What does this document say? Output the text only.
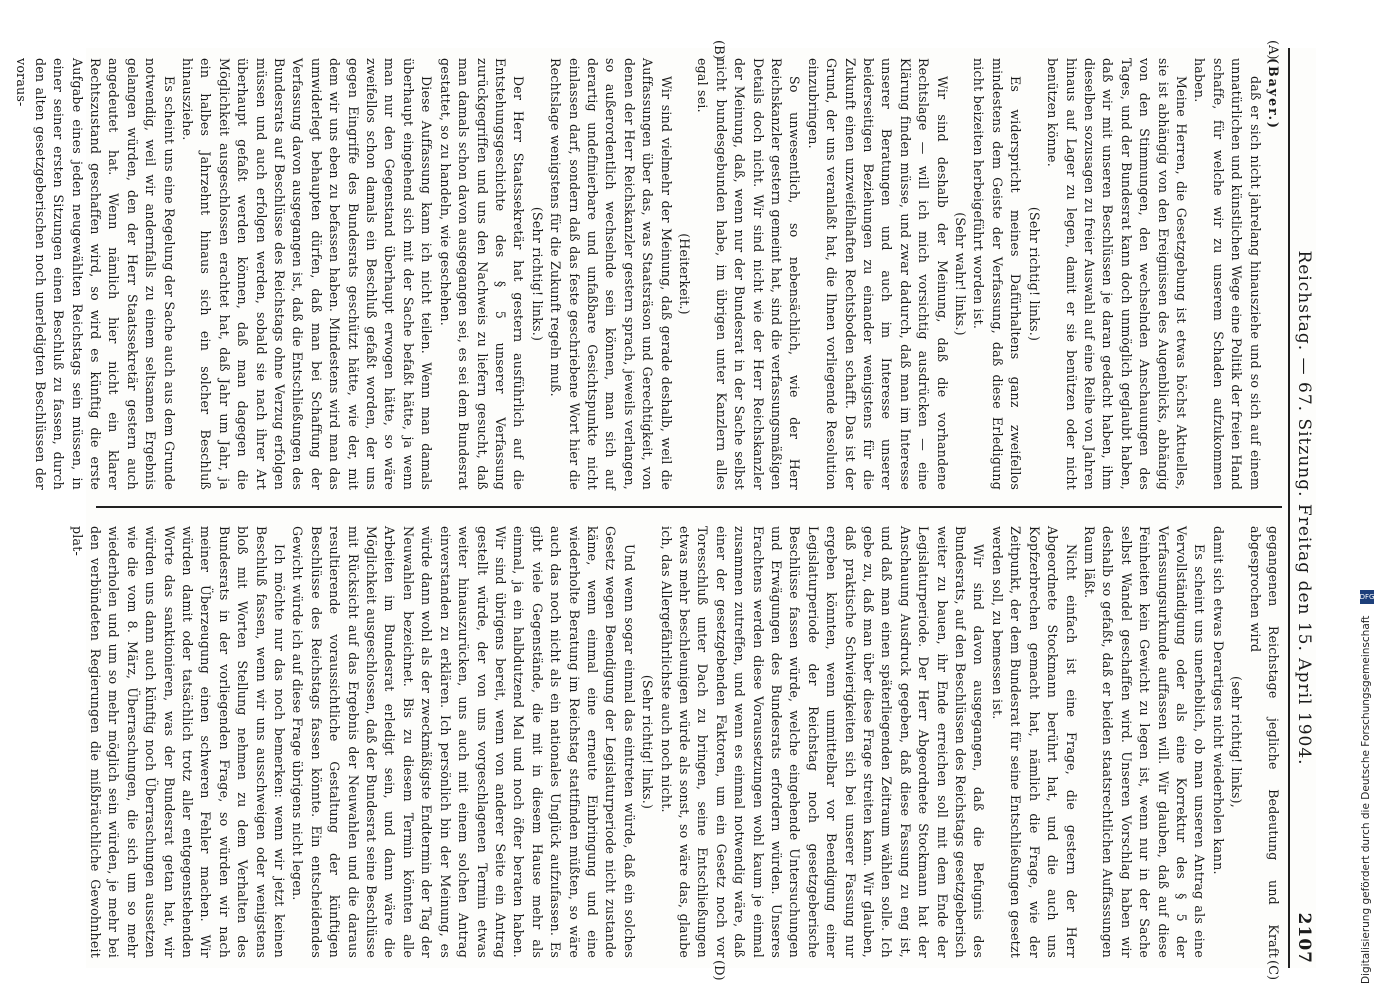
Reichstag. — 67. Sitzung. Freitag den 15. April 1904.
2107
(A)
(B)
(C)
(D)

(Bayer.)

daß er sich nicht jahrelang hinausziehe und so sich auf einem unnatürlichen und künstlichen Wege eine Politik der freien Hand schaffe, für welche wir zu unserem Schaden aufzukommen haben.

Meine Herren, die Gesetzgebung ist etwas höchst Aktuelles, sie ist abhängig von den Ereignissen des Augenblicks, abhängig von den Stimmungen, den wechselnden Anschauungen des Tages, und der Bundesrat kann doch unmöglich geglaubt haben, daß wir mit unseren Beschlüssen je daran gedacht haben, ihm dieselben sozusagen zu freier Auswahl auf eine Reihe von Jahren hinaus auf Lager zu legen, damit er sie benützen oder nicht benützen könne.

(Sehr richtig! links.)

Es widerspricht meines Dafürhaltens ganz zweifellos mindestens dem Geiste der Verfassung, daß diese Erledigung nicht beizeiten herbeigeführt worden ist.

(Sehr wahr! links.)

Wir sind deshalb der Meinung, daß die vorhandene Rechtslage — will ich mich vorsichtig ausdrücken — eine Klärung finden müsse, und zwar dadurch, daß man im Interesse unserer Beratungen und auch im Interesse unserer beiderseitigen Beziehungen zu einander wenigstens für die Zukunft einen unzweifelhaften Rechtsboden schafft. Das ist der Grund, der uns veranlaßt hat, die Ihnen vorliegende Resolution einzubringen.

So unwesentlich, so nebensächlich, wie der Herr Reichskanzler gestern gemeint hat, sind die verfassungsmäßigen Details doch nicht. Wir sind nicht wie der Herr Reichskanzler der Meinung, daß, wenn nur der Bundesrat in der Sache selbst nicht bundesgebunden habe, im übrigen unter Kanzlern alles egal sei.

(Heiterkeit.)

Wir sind vielmehr der Meinung, daß gerade deshalb, weil die Auffassungen über das, was Staatsräson und Gerechtigkeit, von denen der Herr Reichskanzler gestern sprach, jeweils verlangen, so außerordentlich wechselnde sein können, man sich auf derartig undefinierbare und unfaßbare Gesichtspunkte nicht einlassen darf, sondern daß das feste geschriebene Wort hier die Rechtslage wenigstens für die Zukunft regeln muß.

(Sehr richtig! links.)

Der Herr Staatssekretär hat gestern ausführlich auf die Entstehungsgeschichte des § 5 unserer Verfassung zurückgegriffen und uns den Nachweis zu liefern gesucht, daß man damals schon davon ausgegangen sei, es sei dem Bundesrat gestattet, so zu handeln, wie geschehen.

Diese Auffassung kann ich nicht teilen. Wenn man damals überhaupt eingehend sich mit der Sache befaßt hätte, ja wenn man nur den Gegenstand überhaupt erwogen hätte, so wäre zweifellos schon damals ein Beschluß gefaßt worden, der uns gegen Eingriffe des Bundesrats geschützt hätte, wie der, mit dem wir uns eben zu befassen haben. Mindestens wird man das umwiderlegt behaupten dürfen, daß man bei Schaffung der Verfassung davon ausgegangen ist, daß die Entschließungen des Bundesrats auf Beschlüsse des Reichstags ohne Verzug erfolgen müssen und auch erfolgen werden, sobald sie nach ihrer Art überhaupt gefaßt werden können, daß man dagegen die Möglichkeit ausgeschlossen erachtet hat, daß Jahr um Jahr, ja ein halbes Jahrzehnt hinaus sich ein solcher Beschluß hinausziehe.

Es scheint uns eine Regelung der Sache auch aus dem Grunde notwendig, weil wir andernfalls zu einem seltsamen Ergebnis gelangen würden, den der Herr Staatssekretär gestern auch angedeutet hat. Wenn nämlich hier nicht ein klarer Rechtszustand geschaffen wird, so wird es künftig die erste Aufgabe eines jeden neugewählten Reichstags sein müssen, in einer seiner ersten Sitzungen einen Beschluß zu fassen, durch den alten gesetzgeberischen noch unerledigten Beschlüssen der voraus-

gegangenen Reichstage jegliche Bedeutung und Kraft abgesprochen wird

(sehr richtig! links),

damit sich etwas Derartiges nicht wiederholen kann.

Es scheint uns unerheblich, ob man unseren Antrag als eine Vervollständigung oder als eine Korrektur des § 5 der Verfassungsurkunde auffassen will. Wir glauben, daß auf diese Feinheiten kein Gewicht zu legen ist, wenn nur in der Sache selbst Wandel geschaffen wird. Unseren Vorschlag haben wir deshalb so gefaßt, daß er beiden staatsrechtlichen Auffassungen Raum läßt.

Nicht einfach ist eine Frage, die gestern der Herr Abgeordnete Stockmann berührt hat, und die auch uns Kopfzerbrechen gemacht hat, nämlich die Frage, wie der Zeitpunkt, der dem Bundesrat für seine Entschließungen gesetzt werden soll, zu bemessen ist.

Wir sind davon ausgegangen, daß die Befugnis des Bundesrats, auf den Beschlüssen des Reichstags gesetzgeberisch weiter zu bauen, ihr Ende erreichen soll mit dem Ende der Legislaturperiode. Der Herr Abgeordnete Stockmann hat der Anschauung Ausdruck gegeben, daß diese Fassung zu eng ist, und daß man einen späterliegenden Zeitraum wählen solle. Ich gebe zu, daß man über diese Frage streiten kann. Wir glauben, daß praktische Schwierigkeiten sich bei unserer Fassung nur ergeben könnten, wenn unmittelbar vor Beendigung einer Legislaturperiode der Reichstag noch gesetzgeberische Beschlüsse fassen würde, welche eingehende Untersuchungen und Erwägungen des Bundesrats erfordern würden. Unseres Erachtens werden diese Voraussetzungen wohl kaum je einmal zusammen zutreffen, und wenn es einmal notwendig wäre, daß einer der gesetzgebenden Faktoren, um ein Gesetz noch vor Toresschluß unter Dach zu bringen, seine Entschließungen etwas mehr beschleunigen würde als sonst, so wäre das, glaube ich, das Allergefährlichste auch noch nicht.

(Sehr richtig! links.)

Und wenn sogar einmal das eintreten würde, daß ein solches Gesetz wegen Beendigung der Legislaturperiode nicht zustande käme, wenn einmal eine erneute Einbringung und eine wiederholte Beratung im Reichstag stattfinden müßten, so wäre auch das noch nicht als ein nationales Unglück aufzufassen. Es gibt viele Gegenstände, die mit in diesem Hause mehr als einmal, ja ein halbdutzend Mal und noch öfter beraten haben. Wir sind übrigens bereit, wenn von anderer Seite ein Antrag gestellt würde, der von uns vorgeschlagenen Termin etwas weiter hinauszurücken, uns auch mit einem solchen Antrag einverstanden zu erklären. Ich persönlich bin der Meinung, es würde dann wohl als der zweckmäßigste Endtermin der Tag der Neuwahlen bezeichnet. Bis zu diesem Termin könnten alle Arbeiten im Bundesrat erledigt sein, und dann wäre die Möglichkeit ausgeschlossen, daß der Bundesrat seine Beschlüsse mit Rücksicht auf das Ergebnis der Neuwahlen und die daraus resultierende voraussichtliche Gestaltung der künftigen Beschlüsse des Reichstags fassen könnte. Ein entscheidendes Gewicht würde ich auf diese Frage übrigens nicht legen.

Ich möchte nur das noch bemerken: wenn wir jetzt keinen Beschluß fassen, wenn wir uns ausschweigen oder wenigstens bloß mit Worten Stellung nehmen zu dem Verhalten des Bundesrats in der vorliegenden Frage, so würden wir nach meiner Überzeugung einen schweren Fehler machen. Wir würden damit oder tatsächlich trotz aller entgegenstehenden Worte das sanktionieren, was der Bundesrat getan hat, wir würden uns dann auch künftig noch Überraschungen aussetzen wie die vom 8. März, Überraschungen, die sich um so mehr wiederholen und um so mehr möglich sein würden, je mehr bei den verbündeten Regierungen die mißbräuchliche Gewohnheit plat-

DFG
Digitalisierung gefördert durch die Deutsche Forschungsgemeinschaft
